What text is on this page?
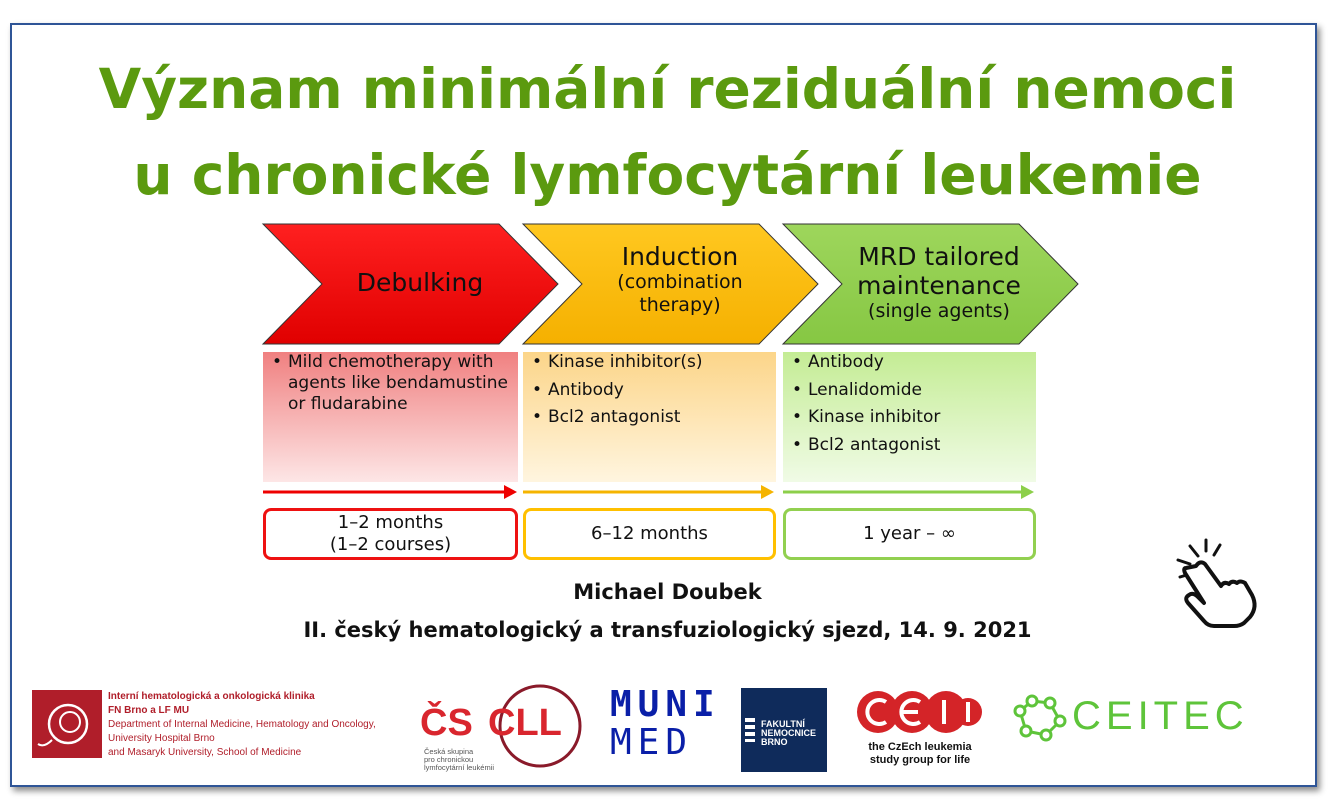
Význam minimální reziduální nemoci
u chronické lymfocytární leukemie
Debulking
Induction
(combination therapy)
MRD tailored maintenance
(single agents)
• Mild chemotherapy with agents like bendamustine or fludarabine
• Kinase inhibitor(s)
• Antibody
• Bcl2 antagonist
• Antibody
• Lenalidomide
• Kinase inhibitor
• Bcl2 antagonist
1–2 months
(1–2 courses)
6–12 months	1 year – ∞
Michael Doubek
II. český hematologický a transfuziologický sjezd, 14. 9. 2021
Interní hematologická a onkologická klinika
FN Brno a LF MU
Department of Internal Medicine, Hematology and Oncology,
University Hospital Brno
and Masaryk University, School of Medicine
ČS CLL
Česká skupina
pro chronickou
lymfocytární leukémii
MUNI
MED	FAKULTNÍ NEMOCNICE BRNO	the CzEch leukemia
study group for life
CEITEC
